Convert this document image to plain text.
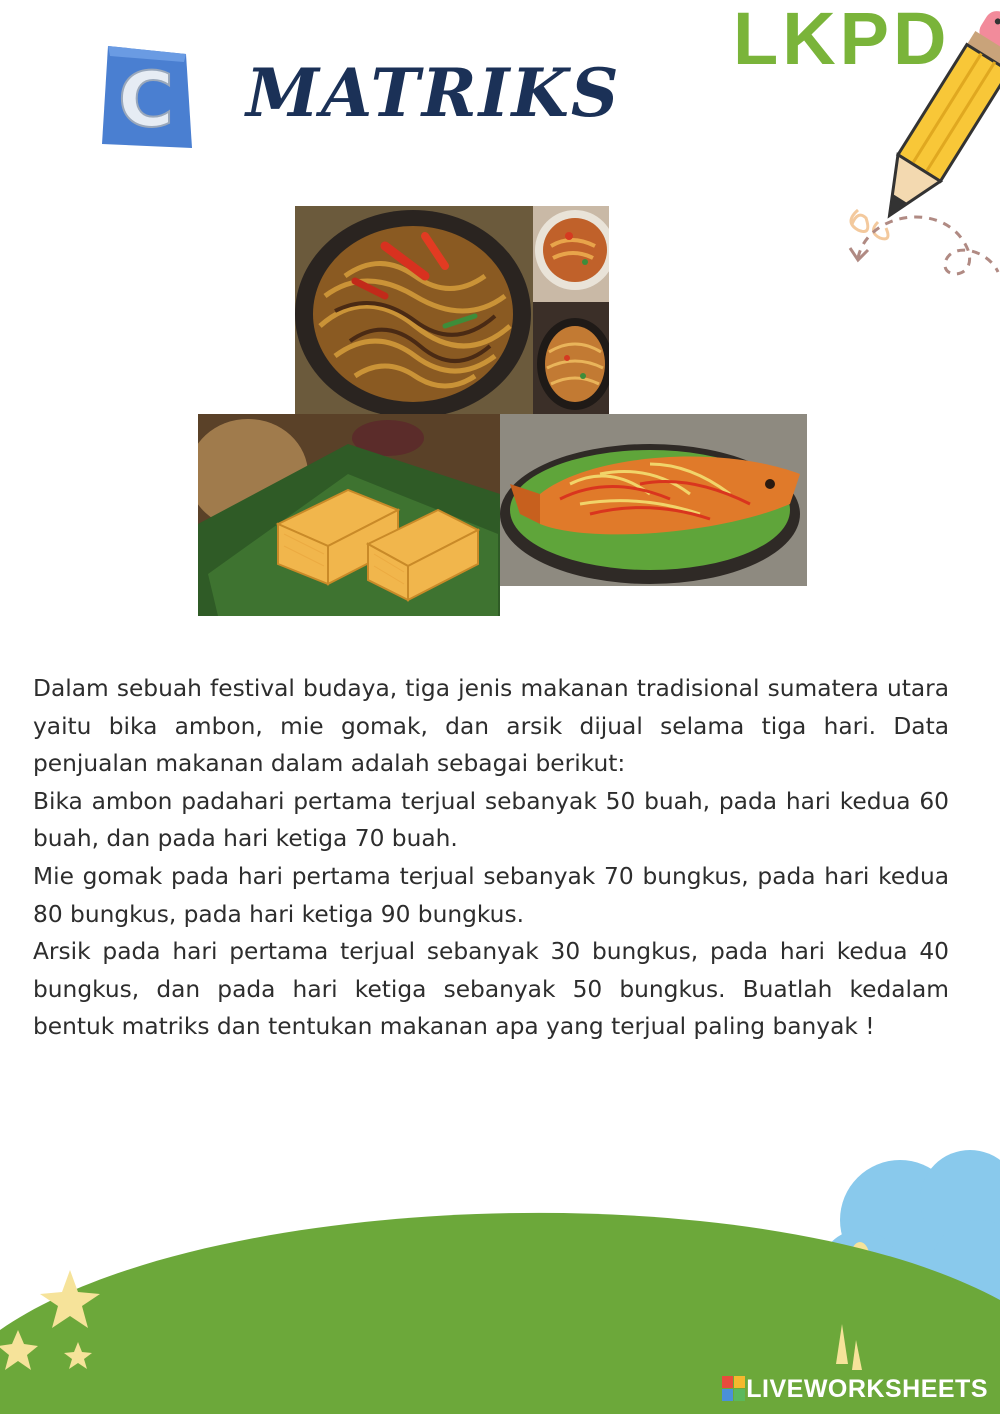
C MATRIKS
LKPD

Dalam sebuah festival budaya, tiga jenis makanan tradisional sumatera utara yaitu bika ambon, mie gomak, dan arsik dijual selama tiga hari. Data penjualan makanan dalam adalah sebagai berikut:

Bika ambon padahari pertama terjual sebanyak 50 buah, pada hari kedua 60 buah, dan pada hari ketiga 70 buah.

Mie gomak pada hari pertama terjual sebanyak 70 bungkus, pada hari kedua 80 bungkus, pada hari ketiga 90 bungkus.

Arsik pada hari pertama terjual sebanyak 30 bungkus, pada hari kedua 40 bungkus, dan pada hari ketiga sebanyak 50 bungkus. Buatlah kedalam bentuk matriks dan tentukan makanan apa yang terjual paling banyak !

LIVEWORKSHEETS
